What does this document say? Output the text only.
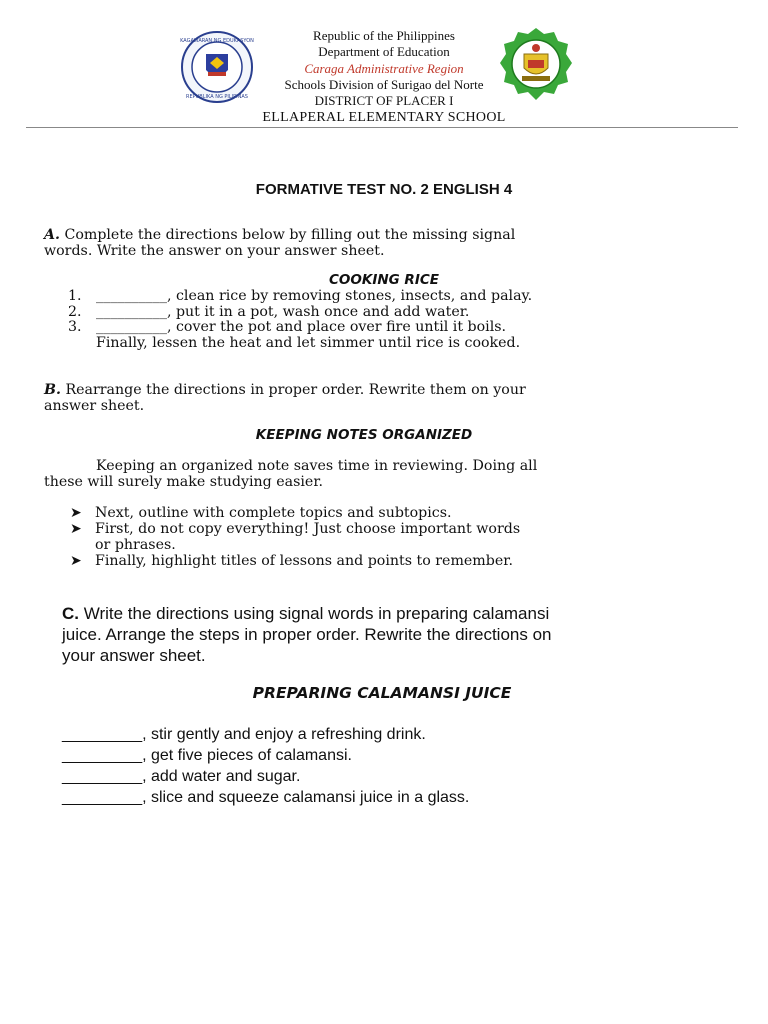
KAGAWARAN NG EDUKASYON
REPUBLIKA NG PILIPINAS
Republic of the Philippines
Department of Education
Caraga Administrative Region
Schools Division of Surigao del Norte
DISTRICT OF PLACER I
ELLAPERAL ELEMENTARY SCHOOL
FORMATIVE TEST NO. 2 ENGLISH 4
A. Complete the directions below by filling out the missing signal
words. Write the answer on your answer sheet.
COOKING RICE
1. __________, clean rice by removing stones, insects, and palay.
2. __________, put it in a pot, wash once and add water.
3. __________, cover the pot and place over fire until it boils.
Finally, lessen the heat and let simmer until rice is cooked.
B. Rearrange the directions in proper order. Rewrite them on your
answer sheet.
KEEPING NOTES ORGANIZED
Keeping an organized note saves time in reviewing. Doing all
these will surely make studying easier.
➤ Next, outline with complete topics and subtopics.
➤ First, do not copy everything! Just choose important words
or phrases.
➤ Finally, highlight titles of lessons and points to remember.
C. Write the directions using signal words in preparing calamansi
juice. Arrange the steps in proper order. Rewrite the directions on
your answer sheet.
PREPARING CALAMANSI JUICE
_________, stir gently and enjoy a refreshing drink.
_________, get five pieces of calamansi.
_________, add water and sugar.
_________, slice and squeeze calamansi juice in a glass.
